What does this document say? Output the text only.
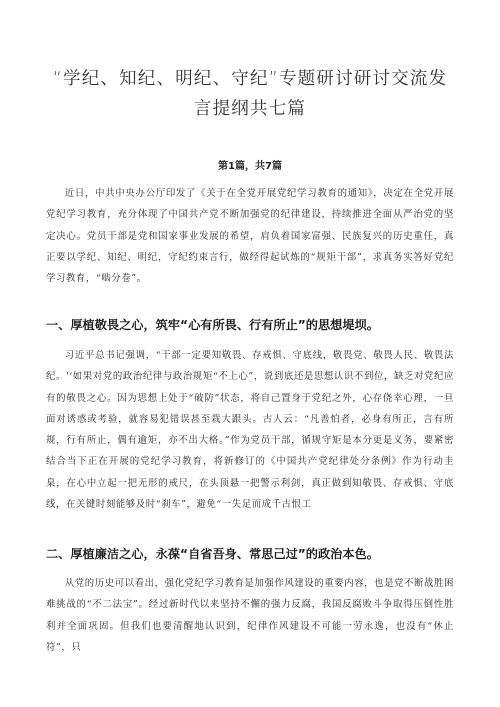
“学纪、知纪、明纪、守纪”专题研讨研讨交流发言提纲共七篇
第1篇，共7篇

近日，中共中央办公厅印发了《关于在全党开展党纪学习教育的通知》，决定在全党开展党纪学习教育，充分体现了中国共产党不断加强党的纪律建设，持续推进全面从严治党的坚定决心。党员干部是党和国家事业发展的希望，肩负着国家富强、民族复兴的历史重任，真正要以学纪、知纪、明纪，守纪约束言行，做经得起试炼的“规矩干部”，求真务实答好党纪学习教育，“啮分卷”。

一、厚植敬畏之心，筑牢“心有所畏、行有所止”的思想堤坝。

习近平总书记强调，“干部一定要知敬畏、存戒惧、守底线，敬畏党、敬畏人民、敬畏法纪。'‘如果对党的政治纪律与政治规矩“不上心”，说到底还是思想认识不到位，缺乏对党纪应有的敬畏之心。因为思想上处于“破防”状态，将自己置身于党纪之外，心存侥幸心理，一旦面对诱惑或考验，就容易犯错误甚至栽大跟头。古人云：“凡善怕者，必身有所正，言有所规，行有所止，偶有逾矩，亦不出大格。”作为党员干部，循规守矩是本分更是义务，要紧密结合当下正在开展的党纪学习教育，将新修订的《中国共产党纪律处分条例》作为行动圭臬，在心中立起一把无形的戒尺，在头顶悬一把警示利剑，真正做到知敬畏、存戒惧、守底线，在关键时刻能够及时“刹车”，避免“一失足而成千古恨工

二、厚植廉洁之心，永葆“自省吾身、常思己过”的政治本色。

从党的历史可以看出，强化党纪学习教育是加强作风建设的重要内容，也是党不断战胜困难挑战的“不二法宝”。经过新时代以来坚持不懈的强力反腐，我国反腐败斗争取得压倒性胜利并全面巩固。但我们也要清醒地认识到，纪律作风建设不可能一劳永逸，也没有“休止符”，只
